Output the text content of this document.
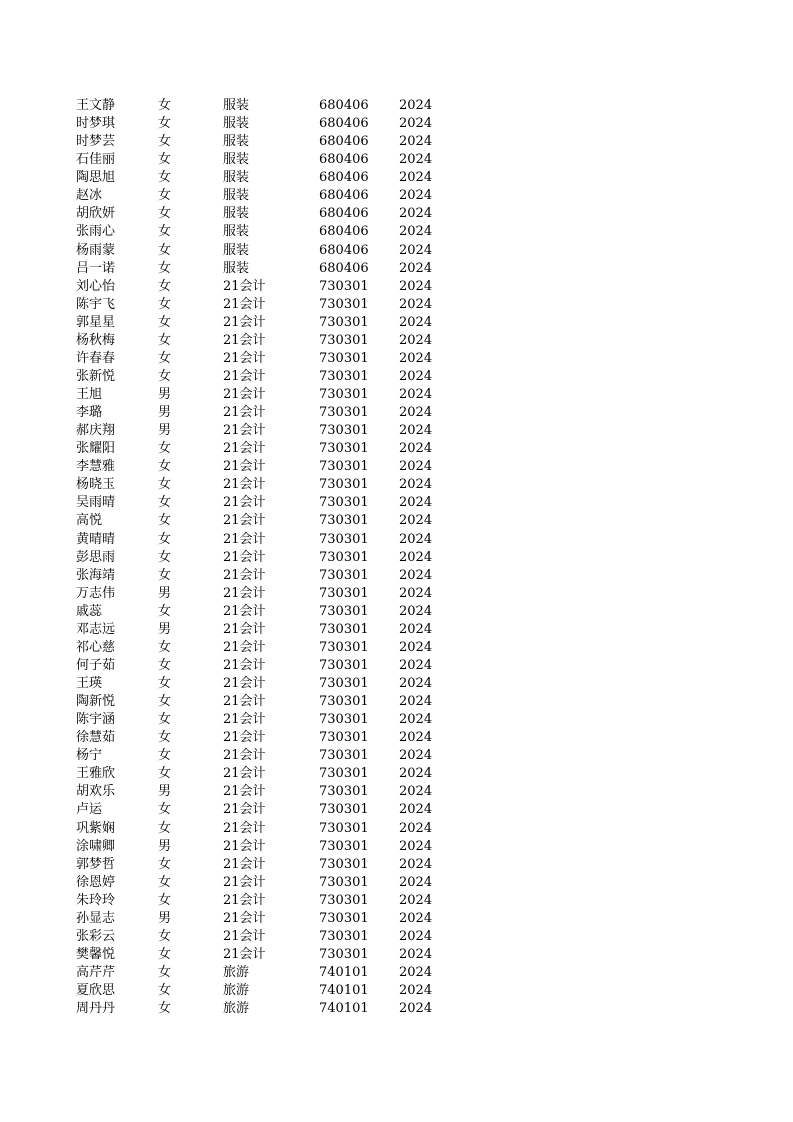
王文静	女	服装	680406	2024
时梦琪	女	服装	680406	2024
时梦芸	女	服装	680406	2024
石佳丽	女	服装	680406	2024
陶思旭	女	服装	680406	2024
赵冰	女	服装	680406	2024
胡欣妍	女	服装	680406	2024
张雨心	女	服装	680406	2024
杨雨蒙	女	服装	680406	2024
吕一诺	女	服装	680406	2024
刘心怡	女	21会计	730301	2024
陈宇飞	女	21会计	730301	2024
郭星星	女	21会计	730301	2024
杨秋梅	女	21会计	730301	2024
许春春	女	21会计	730301	2024
张新悦	女	21会计	730301	2024
王旭	男	21会计	730301	2024
李璐	男	21会计	730301	2024
郝庆翔	男	21会计	730301	2024
张耀阳	女	21会计	730301	2024
李慧雅	女	21会计	730301	2024
杨晓玉	女	21会计	730301	2024
吴雨晴	女	21会计	730301	2024
高悦	女	21会计	730301	2024
黄晴晴	女	21会计	730301	2024
彭思雨	女	21会计	730301	2024
张海靖	女	21会计	730301	2024
万志伟	男	21会计	730301	2024
戚蕊	女	21会计	730301	2024
邓志远	男	21会计	730301	2024
祁心慈	女	21会计	730301	2024
何子茹	女	21会计	730301	2024
王瑛	女	21会计	730301	2024
陶新悦	女	21会计	730301	2024
陈宇涵	女	21会计	730301	2024
徐慧茹	女	21会计	730301	2024
杨宁	女	21会计	730301	2024
王雅欣	女	21会计	730301	2024
胡欢乐	男	21会计	730301	2024
卢运	女	21会计	730301	2024
巩紫娴	女	21会计	730301	2024
涂啸卿	男	21会计	730301	2024
郭梦哲	女	21会计	730301	2024
徐恩婷	女	21会计	730301	2024
朱玲玲	女	21会计	730301	2024
孙显志	男	21会计	730301	2024
张彩云	女	21会计	730301	2024
樊馨悦	女	21会计	730301	2024
高芹芹	女	旅游	740101	2024
夏欣思	女	旅游	740101	2024
周丹丹	女	旅游	740101	2024
